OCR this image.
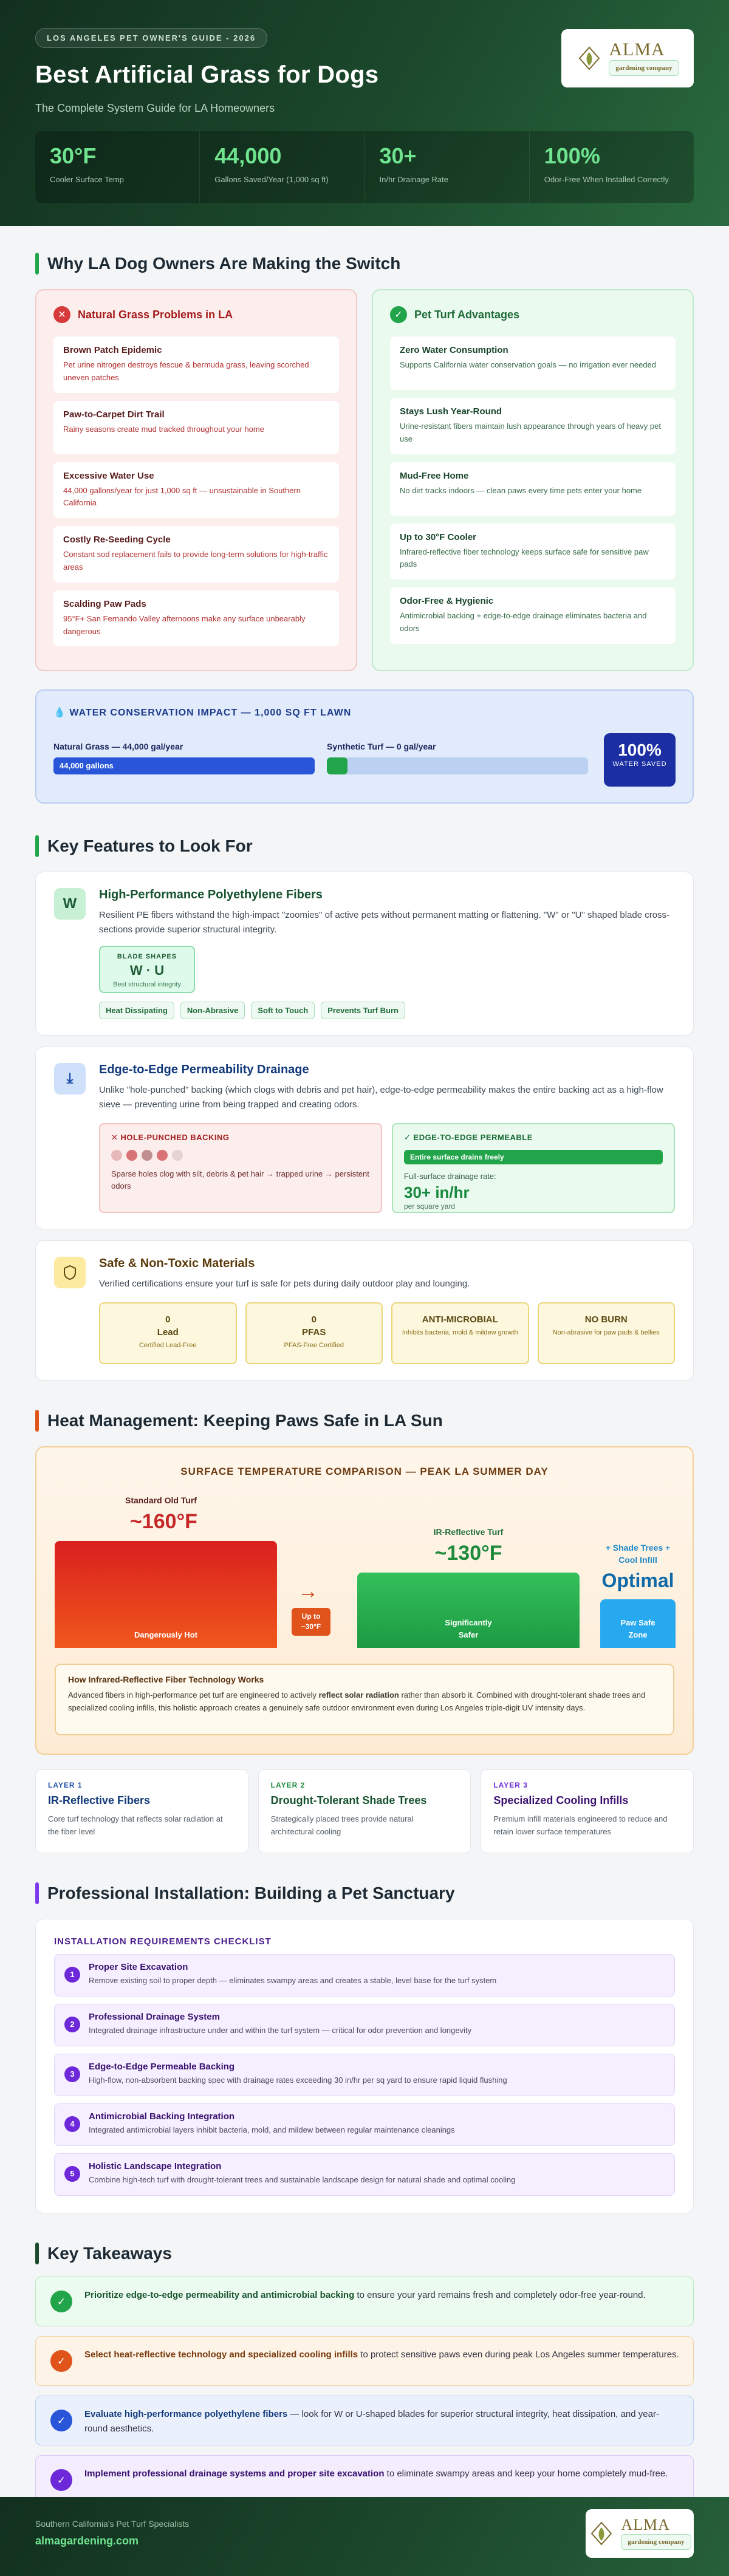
LOS ANGELES PET OWNER'S GUIDE - 2026
Best Artificial Grass for Dogs
The Complete System Guide for LA Homeowners
ALMA
gardening company
30°F
Cooler Surface Temp
44,000
Gallons Saved/Year (1,000 sq ft)
30+
In/hr Drainage Rate
100%
Odor-Free When Installed Correctly
Why LA Dog Owners Are Making the Switch
✕	Natural Grass Problems in LA
Brown Patch Epidemic

Pet urine nitrogen destroys fescue & bermuda grass, leaving scorched uneven patches

Paw-to-Carpet Dirt Trail

Rainy seasons create mud tracked throughout your home

Excessive Water Use

44,000 gallons/year for just 1,000 sq ft — unsustainable in Southern California

Costly Re-Seeding Cycle

Constant sod replacement fails to provide long-term solutions for high-traffic areas

Scalding Paw Pads

95°F+ San Fernando Valley afternoons make any surface unbearably dangerous

✓	Pet Turf Advantages
Zero Water Consumption

Supports California water conservation goals — no irrigation ever needed

Stays Lush Year-Round

Urine-resistant fibers maintain lush appearance through years of heavy pet use

Mud-Free Home

No dirt tracks indoors — clean paws every time pets enter your home

Up to 30°F Cooler

Infrared-reflective fiber technology keeps surface safe for sensitive paw pads

Odor-Free & Hygienic

Antimicrobial backing + edge-to-edge drainage eliminates bacteria and odors

💧 WATER CONSERVATION IMPACT — 1,000 SQ FT LAWN
Natural Grass — 44,000 gal/year
44,000 gallons
Synthetic Turf — 0 gal/year	100%
WATER SAVED
Key Features to Look For
W
High-Performance Polyethylene Fibers

Resilient PE fibers withstand the high-impact "zoomies" of active pets without permanent matting or flattening. "W" or "U" shaped blade cross-sections provide superior structural integrity.

BLADE SHAPES
W · U
Best structural integrity
Heat Dissipating	Non-Abrasive	Soft to Touch	Prevents Turf Burn
⤓
Edge-to-Edge Permeability Drainage

Unlike "hole-punched" backing (which clogs with debris and pet hair), edge-to-edge permeability makes the entire backing act as a high-flow sieve — preventing urine from being trapped and creating odors.

✕ HOLE-PUNCHED BACKING
Sparse holes clog with silt, debris & pet hair → trapped urine → persistent odors
✓ EDGE-TO-EDGE PERMEABLE
Entire surface drains freely
Full-surface drainage rate:
30+ in/hr
per square yard
Safe & Non-Toxic Materials

Verified certifications ensure your turf is safe for pets during daily outdoor play and lounging.

0
Lead
Certified Lead-Free
0
PFAS
PFAS-Free Certified
ANTI-MICROBIAL
Inhibits bacteria, mold & mildew growth
NO BURN
Non-abrasive for paw pads & bellies
Heat Management: Keeping Paws Safe in LA Sun
SURFACE TEMPERATURE COMPARISON — PEAK LA SUMMER DAY
Standard Old Turf
~160°F
Dangerously Hot
→
Up to ~30°F
IR-Reflective Turf
~130°F
Significantly Safer
+ Shade Trees + Cool Infill
Optimal
Paw Safe Zone
How Infrared-Reflective Fiber Technology Works

Advanced fibers in high-performance pet turf are engineered to actively reflect solar radiation rather than absorb it. Combined with drought-tolerant shade trees and specialized cooling infills, this holistic approach creates a genuinely safe outdoor environment even during Los Angeles triple-digit UV intensity days.

LAYER 1
IR-Reflective Fibers
Core turf technology that reflects solar radiation at the fiber level
LAYER 2
Drought-Tolerant Shade Trees
Strategically placed trees provide natural architectural cooling
LAYER 3
Specialized Cooling Infills
Premium infill materials engineered to reduce and retain lower surface temperatures
Professional Installation: Building a Pet Sanctuary
INSTALLATION REQUIREMENTS CHECKLIST
1
Proper Site Excavation

Remove existing soil to proper depth — eliminates swampy areas and creates a stable, level base for the turf system

2
Professional Drainage System

Integrated drainage infrastructure under and within the turf system — critical for odor prevention and longevity

3
Edge-to-Edge Permeable Backing

High-flow, non-absorbent backing spec with drainage rates exceeding 30 in/hr per sq yard to ensure rapid liquid flushing

4
Antimicrobial Backing Integration

Integrated antimicrobial layers inhibit bacteria, mold, and mildew between regular maintenance cleanings

5
Holistic Landscape Integration

Combine high-tech turf with drought-tolerant trees and sustainable landscape design for natural shade and optimal cooling

Key Takeaways
✓
Prioritize edge-to-edge permeability and antimicrobial backing to ensure your yard remains fresh and completely odor-free year-round.
✓
Select heat-reflective technology and specialized cooling infills to protect sensitive paws even during peak Los Angeles summer temperatures.
✓
Evaluate high-performance polyethylene fibers — look for W or U-shaped blades for superior structural integrity, heat dissipation, and year-round aesthetics.
✓
Implement professional drainage systems and proper site excavation to eliminate swampy areas and keep your home completely mud-free.
Southern California's Pet Turf Specialists
almagardening.com
ALMA
gardening company
